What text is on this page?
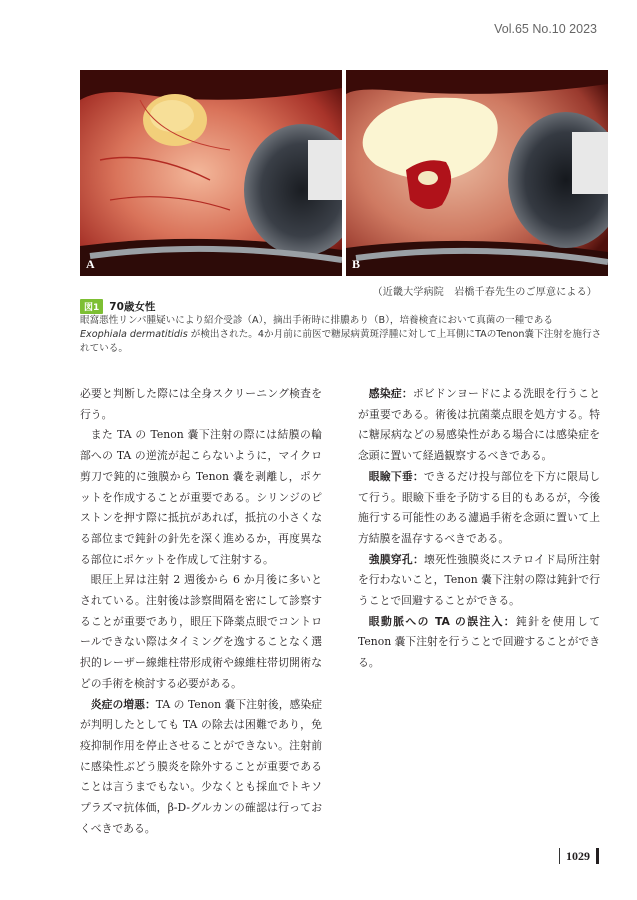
Vol.65 No.10 2023
A	B
（近畿大学病院　岩橋千春先生のご厚意による）
図1 70歳女性
眼窩悪性リンパ腫疑いにより紹介受診（A），摘出手術時に排膿あり（B），培養検査において真菌の一種である Exophiala dermatitidis が検出された。4か月前に前医で糖尿病黄斑浮腫に対して上耳側にTAのTenon嚢下注射を施行されている。

必要と判断した際には全身スクリーニング検査を行う。

また TA の Tenon 嚢下注射の際には結膜の輪部への TA の逆流が起こらないように，マイクロ剪刀で鈍的に強膜から Tenon 嚢を剥離し，ポケットを作成することが重要である。シリンジのピストンを押す際に抵抗があれば，抵抗の小さくなる部位まで鈍針の針先を深く進めるか，再度異なる部位にポケットを作成して注射する。

眼圧上昇は注射 2 週後から 6 か月後に多いとされている。注射後は診察間隔を密にして診察することが重要であり，眼圧下降薬点眼でコントロールできない際はタイミングを逸することなく選択的レーザー線維柱帯形成術や線維柱帯切開術などの手術を検討する必要がある。

炎症の増悪：TA の Tenon 嚢下注射後，感染症が判明したとしても TA の除去は困難であり，免疫抑制作用を停止させることができない。注射前に感染性ぶどう膜炎を除外することが重要であることは言うまでもない。少なくとも採血でトキソプラズマ抗体価，β-D-グルカンの確認は行っておくべきである。

感染症：ポビドンヨードによる洗眼を行うことが重要である。術後は抗菌薬点眼を処方する。特に糖尿病などの易感染性がある場合には感染症を念頭に置いて経過観察するべきである。

眼瞼下垂：できるだけ投与部位を下方に限局して行う。眼瞼下垂を予防する目的もあるが，今後施行する可能性のある濾過手術を念頭に置いて上方結膜を温存するべきである。

強膜穿孔：壊死性強膜炎にステロイド局所注射を行わないこと，Tenon 嚢下注射の際は鈍針で行うことで回避することができる。

眼動脈への TA の誤注入：鈍針を使用して Tenon 嚢下注射を行うことで回避することができる。

1029
